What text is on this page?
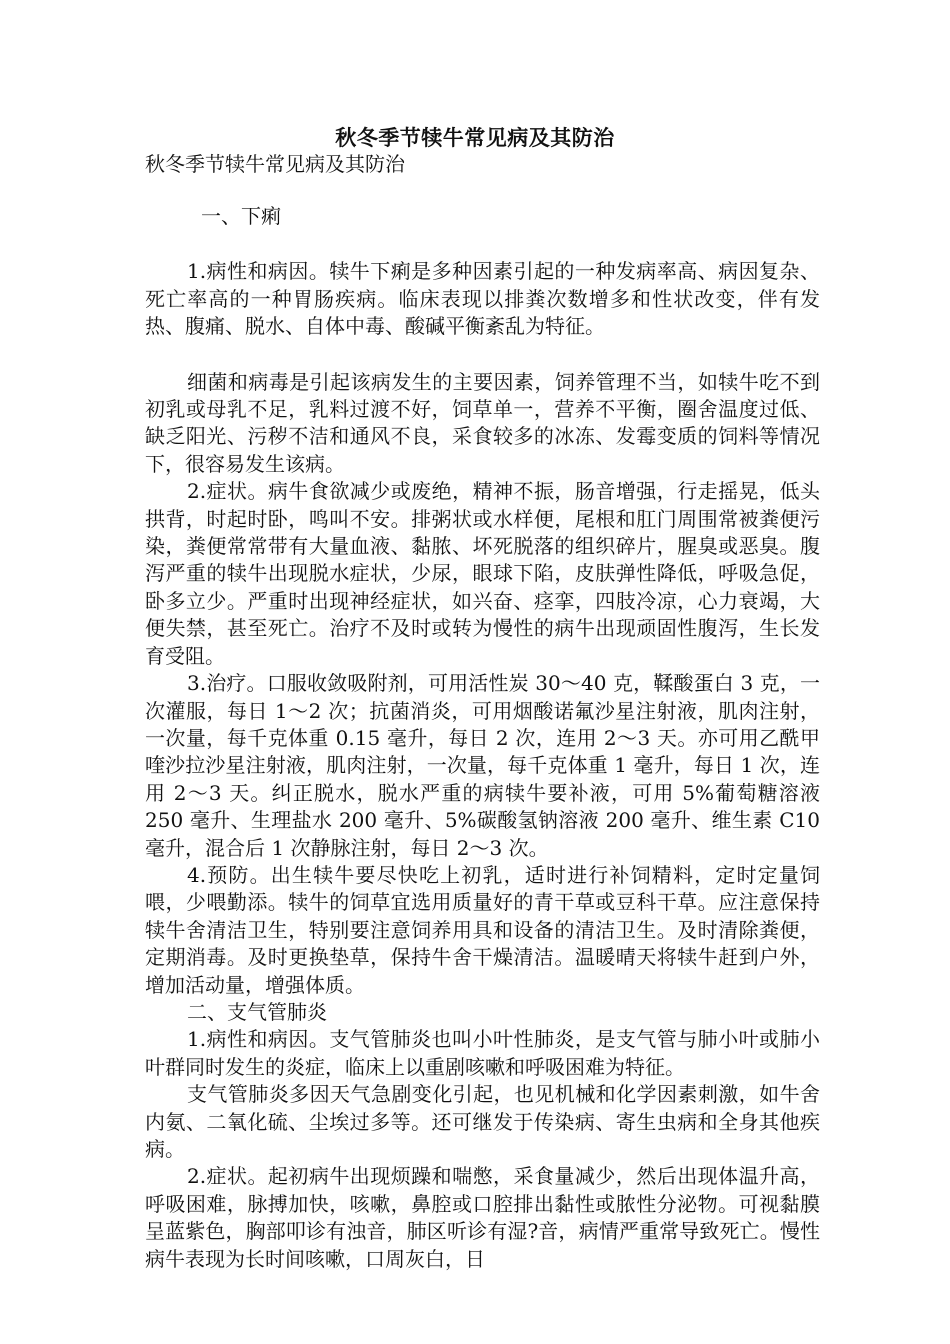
秋冬季节犊牛常见病及其防治
秋冬季节犊牛常见病及其防治

一、下痢

1.病性和病因。犊牛下痢是多种因素引起的一种发病率高、病因复杂、死亡率高的一种胃肠疾病。临床表现以排粪次数增多和性状改变，伴有发热、腹痛、脱水、自体中毒、酸碱平衡紊乱为特征。

细菌和病毒是引起该病发生的主要因素，饲养管理不当，如犊牛吃不到初乳或母乳不足，乳料过渡不好，饲草单一，营养不平衡，圈舍温度过低、缺乏阳光、污秽不洁和通风不良，采食较多的冰冻、发霉变质的饲料等情况下，很容易发生该病。

2.症状。病牛食欲减少或废绝，精神不振，肠音增强，行走摇晃，低头拱背，时起时卧，鸣叫不安。排粥状或水样便，尾根和肛门周围常被粪便污染，粪便常常带有大量血液、黏脓、坏死脱落的组织碎片，腥臭或恶臭。腹泻严重的犊牛出现脱水症状，少尿，眼球下陷，皮肤弹性降低，呼吸急促，卧多立少。严重时出现神经症状，如兴奋、痉挛，四肢冷凉，心力衰竭，大便失禁，甚至死亡。治疗不及时或转为慢性的病牛出现顽固性腹泻，生长发育受阻。

3.治疗。口服收敛吸附剂，可用活性炭 30～40 克，鞣酸蛋白 3 克，一次灌服，每日 1～2 次；抗菌消炎，可用烟酸诺氟沙星注射液，肌肉注射，一次量，每千克体重 0.15 毫升，每日 2 次，连用 2～3 天。亦可用乙酰甲喹沙拉沙星注射液，肌肉注射，一次量，每千克体重 1 毫升，每日 1 次，连用 2～3 天。纠正脱水，脱水严重的病犊牛要补液，可用 5%葡萄糖溶液 250 毫升、生理盐水 200 毫升、5%碳酸氢钠溶液 200 毫升、维生素 C10 毫升，混合后 1 次静脉注射，每日 2～3 次。

4.预防。出生犊牛要尽快吃上初乳，适时进行补饲精料，定时定量饲喂，少喂勤添。犊牛的饲草宜选用质量好的青干草或豆科干草。应注意保持犊牛舍清洁卫生，特别要注意饲养用具和设备的清洁卫生。及时清除粪便，定期消毒。及时更换垫草，保持牛舍干燥清洁。温暖晴天将犊牛赶到户外，增加活动量，增强体质。

二、支气管肺炎

1.病性和病因。支气管肺炎也叫小叶性肺炎，是支气管与肺小叶或肺小叶群同时发生的炎症，临床上以重剧咳嗽和呼吸困难为特征。

支气管肺炎多因天气急剧变化引起，也见机械和化学因素刺激，如牛舍内氨、二氧化硫、尘埃过多等。还可继发于传染病、寄生虫病和全身其他疾病。

2.症状。起初病牛出现烦躁和喘憋，采食量减少，然后出现体温升高，呼吸困难，脉搏加快，咳嗽，鼻腔或口腔排出黏性或脓性分泌物。可视黏膜呈蓝紫色，胸部叩诊有浊音，肺区听诊有湿?音，病情严重常导致死亡。慢性病牛表现为长时间咳嗽，口周灰白，日
